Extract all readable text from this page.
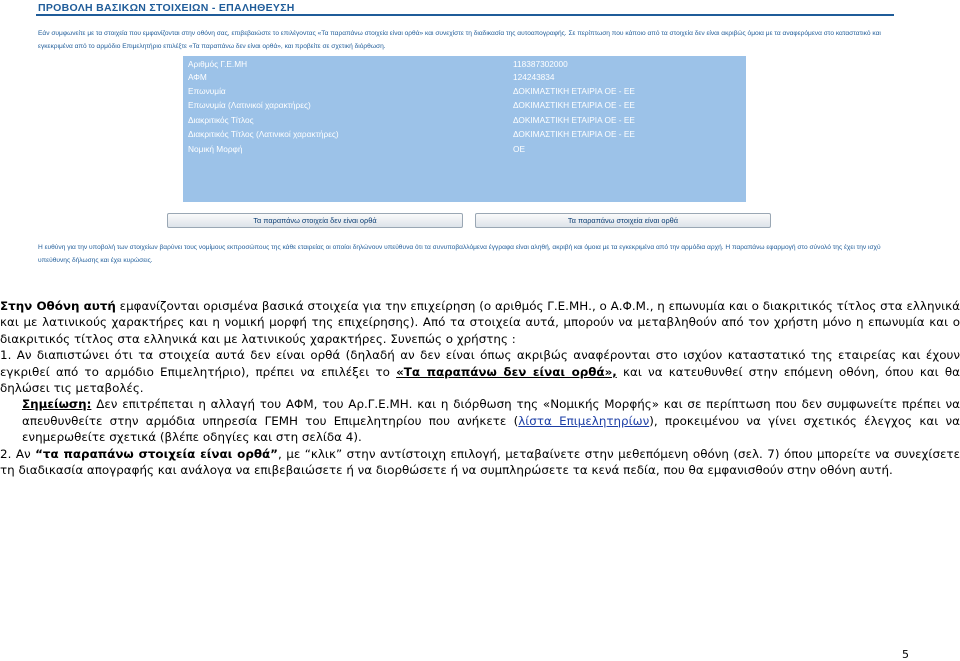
ΠΡΟΒΟΛΗ ΒΑΣΙΚΩΝ ΣΤΟΙΧΕΙΩΝ - ΕΠΑΛΗΘΕΥΣΗ
Εάν συμφωνείτε με τα στοιχεία που εμφανίζονται στην οθόνη σας, επιβεβαιώστε το επιλέγοντας «Τα παραπάνω στοιχεία είναι ορθά» και συνεχίστε τη διαδικασία της αυτοαπογραφής. Σε περίπτωση που κάποιο από τα στοιχεία δεν είναι ακριβώς όμοια με τα αναφερόμενα στο καταστατικό και εγκεκριμένα από το αρμόδιο Επιμελητήριο επιλέξτε «Τα παραπάνω δεν είναι ορθά», και προβείτε σε σχετική διόρθωση.
Αριθμός Γ.Ε.ΜΗ	118387302000
ΑΦΜ	124243834
Επωνυμία	ΔΟΚΙΜΑΣΤΙΚΗ ΕΤΑΙΡΙΑ ΟΕ - ΕΕ
Επωνυμία (Λατινικοί χαρακτήρες)	ΔΟΚΙΜΑΣΤΙΚΗ ΕΤΑΙΡΙΑ ΟΕ - ΕΕ
Διακριτικός Τίτλος	ΔΟΚΙΜΑΣΤΙΚΗ ΕΤΑΙΡΙΑ ΟΕ - ΕΕ
Διακριτικός Τίτλος (Λατινικοί χαρακτήρες)	ΔΟΚΙΜΑΣΤΙΚΗ ΕΤΑΙΡΙΑ ΟΕ - ΕΕ
Νομική Μορφή	ΟΕ
Τα παραπάνω στοιχεία δεν είναι ορθά	Τα παραπάνω στοιχεία είναι ορθά
Η ευθύνη για την υποβολή των στοιχείων βαρύνει τους νομίμους εκπροσώπους της κάθε εταιρείας οι οποίοι δηλώνουν υπεύθυνα ότι τα συνυποβαλλόμενα έγγραφα είναι αληθή, ακριβή και όμοια με τα εγκεκριμένα από την αρμόδια αρχή. Η παραπάνω εφαρμογή στο σύνολό της έχει την ισχύ υπεύθυνης δήλωσης και έχει κυρώσεις.

Στην Οθόνη αυτή εμφανίζονται ορισμένα βασικά στοιχεία για την επιχείρηση (ο αριθμός Γ.Ε.ΜΗ., ο Α.Φ.Μ., η επωνυμία και ο διακριτικός τίτλος στα ελληνικά και με λατινικούς χαρακτήρες και η νομική μορφή της επιχείρησης). Από τα στοιχεία αυτά, μπορούν να μεταβληθούν από τον χρήστη μόνο η επωνυμία και ο διακριτικός τίτλος στα ελληνικά και με λατινικούς χαρακτήρες. Συνεπώς ο χρήστης :

1. Αν διαπιστώνει ότι τα στοιχεία αυτά δεν είναι ορθά (δηλαδή αν δεν είναι όπως ακριβώς αναφέρονται στο ισχύον καταστατικό της εταιρείας και έχουν εγκριθεί από το αρμόδιο Επιμελητήριο), πρέπει να επιλέξει το «Τα παραπάνω δεν είναι ορθά», και να κατευθυνθεί στην επόμενη οθόνη, όπου και θα δηλώσει τις μεταβολές.

Σημείωση: Δεν επιτρέπεται η αλλαγή του ΑΦΜ, του Αρ.Γ.Ε.ΜΗ. και η διόρθωση της «Νομικής Μορφής» και σε περίπτωση που δεν συμφωνείτε πρέπει να απευθυνθείτε στην αρμόδια υπηρεσία ΓΕΜΗ του Επιμελητηρίου που ανήκετε (λίστα Επιμελητηρίων), προκειμένου να γίνει σχετικός έλεγχος και να ενημερωθείτε σχετικά (βλέπε οδηγίες και στη σελίδα 4).

2. Αν “τα παραπάνω στοιχεία είναι ορθά”, με “κλικ” στην αντίστοιχη επιλογή, μεταβαίνετε στην μεθεπόμενη οθόνη (σελ. 7) όπου μπορείτε να συνεχίσετε τη διαδικασία απογραφής και ανάλογα να επιβεβαιώσετε ή να διορθώσετε ή να συμπληρώσετε τα κενά πεδία, που θα εμφανισθούν στην οθόνη αυτή.

5
